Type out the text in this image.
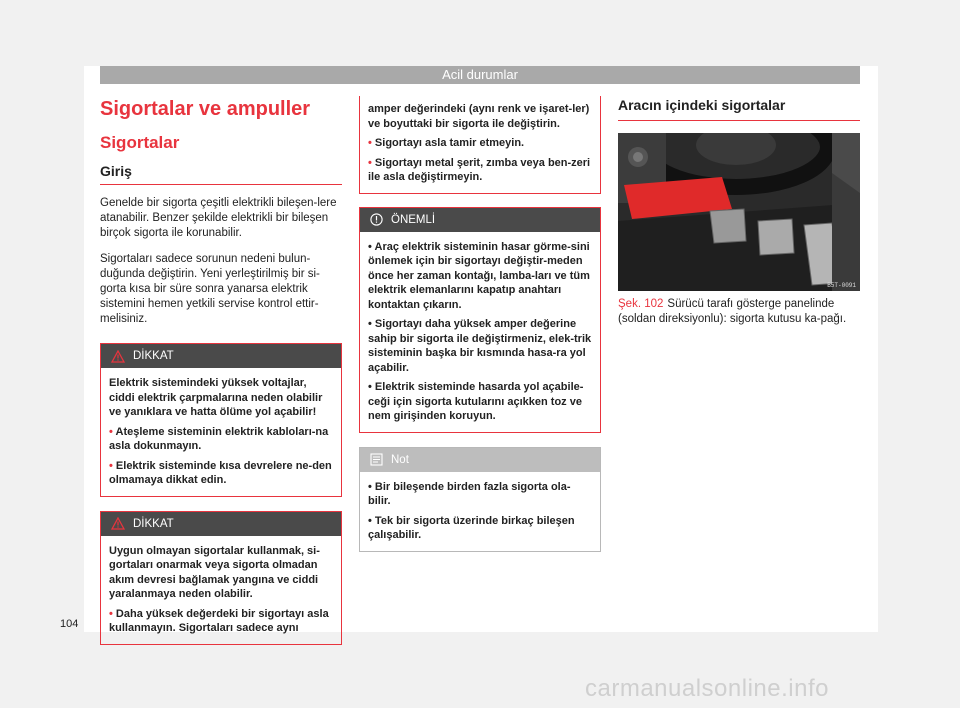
Acil durumlar
Sigortalar ve ampuller
Sigortalar
Giriş
Genelde bir sigorta çeşitli elektrikli bileşen-lere atanabilir. Benzer şekilde elektrikli bir bileşen birçok sigorta ile korunabilir.
Sigortaları sadece sorunun nedeni bulun-duğunda değiştirin. Yeni yerleştirilmiş bir si-gorta kısa bir süre sonra yanarsa elektrik sistemini hemen yetkili servise kontrol ettir-melisiniz.
DİKKAT

Elektrik sistemindeki yüksek voltajlar, ciddi elektrik çarpmalarına neden olabilir ve yanıklara ve hatta ölüme yol açabilir!

• Ateşleme sisteminin elektrik kabloları-na asla dokunmayın.

• Elektrik sisteminde kısa devrelere ne-den olmamaya dikkat edin.

DİKKAT

Uygun olmayan sigortalar kullanmak, si-gortaları onarmak veya sigorta olmadan akım devresi bağlamak yangına ve ciddi yaralanmaya neden olabilir.

• Daha yüksek değerdeki bir sigortayı asla kullanmayın. Sigortaları sadece aynı

amper değerindeki (aynı renk ve işaret-ler) ve boyuttaki bir sigorta ile değiştirin.

• Sigortayı asla tamir etmeyin.

• Sigortayı metal şerit, zımba veya ben-zeri ile asla değiştirmeyin.

ÖNEMLİ

• Araç elektrik sisteminin hasar görme-sini önlemek için bir sigortayı değiştir-meden önce her zaman kontağı, lamba-ları ve tüm elektrik elemanlarını kapatıp anahtarı kontaktan çıkarın.

• Sigortayı daha yüksek amper değerine sahip bir sigorta ile değiştirmeniz, elek-trik sisteminin başka bir kısmında hasa-ra yol açabilir.

• Elektrik sisteminde hasarda yol açabile-ceği için sigorta kutularını açıkken toz ve nem girişinden koruyun.

Not

• Bir bileşende birden fazla sigorta ola-bilir.

• Tek bir sigorta üzerinde birkaç bileşen çalışabilir.

Aracın içindeki sigortalar
B5T-0091
Şek. 102 Sürücü tarafı gösterge panelinde (soldan direksiyonlu): sigorta kutusu ka-pağı.
104
carmanualsonline.info
